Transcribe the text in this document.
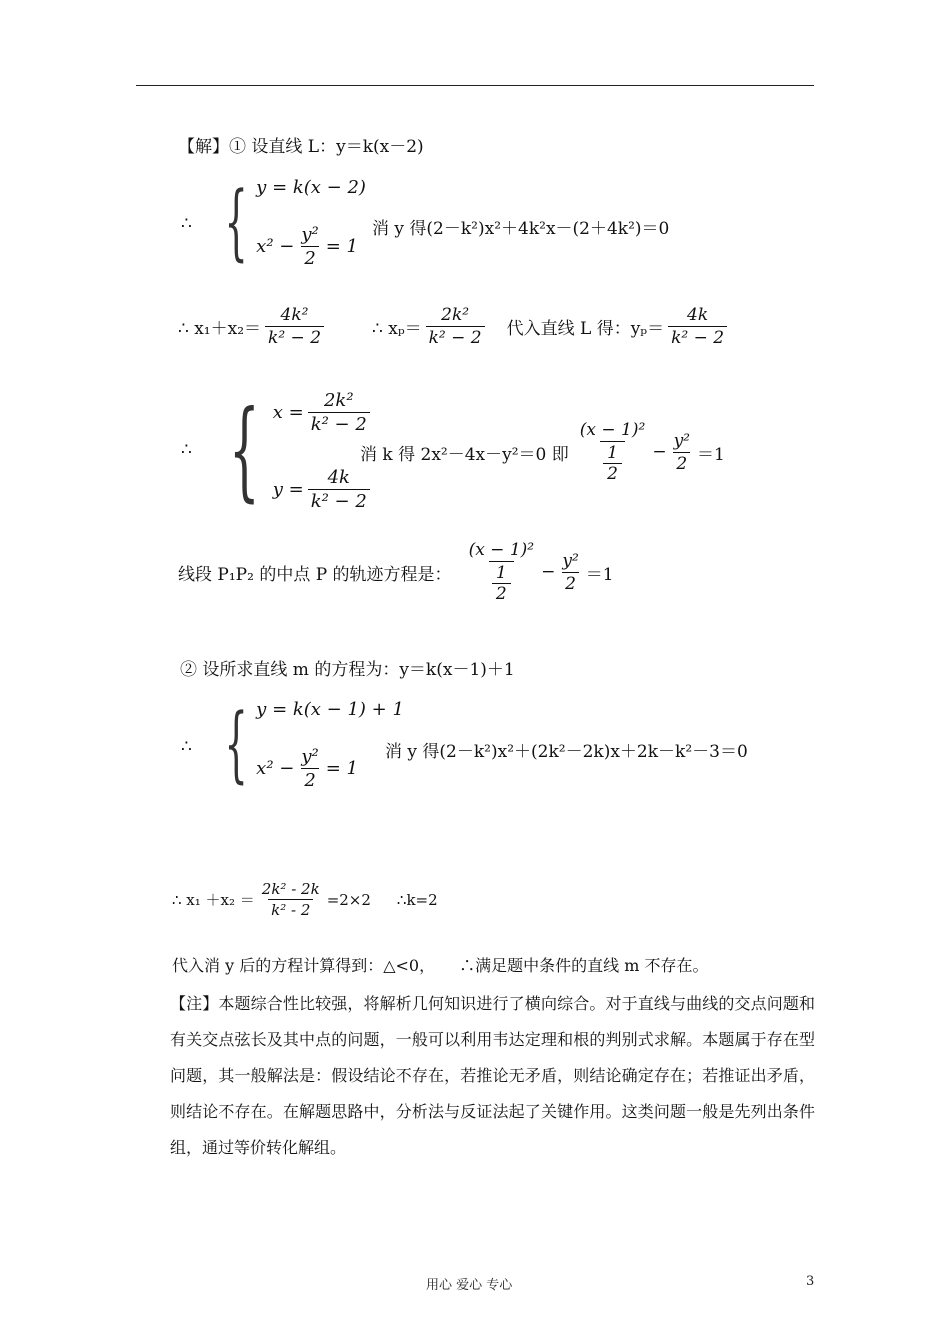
【解】① 设直线 L：y＝k(x－2)
∴ { y = k(x − 2)
$x^2 - \frac{\text{y²}}{2} = 1$
消 y 得(2－k²)x²＋4k²x－(2＋4k²)＝0
∴ $x_1+x_2= \frac{\text{4k²}}{\text{k² − 2}}$	∴ $x_p= \frac{\text{2k²}}{\text{k² − 2}}$ 代入直线 L 得：$y_p= \frac{4k}{\text{k² − 2}}$
∴ { $x = \frac{\text{2k²}}{\text{k² − 2}}$
$y = \frac{4k}{\text{k² − 2}}$
消 k 得 2x²－4x－y²＝0 即 (x − 1)²
1
$2 - \frac{\text{y²}}{2} =1$
线段 P₁P₂ 的中点 P 的轨迹方程是： (x − 1)²
1
$2 - \frac{\text{y²}}{2} =1$
② 设所求直线 m 的方程为：y＝k(x－1)＋1
∴ { y = k(x − 1) + 1
$x^2 - \frac{\text{y²}}{2} = 1$
消 y 得(2－k²)x²＋(2k²－2k)x＋2k－k²－3＝0
∴ $x_1 +x_2 = \frac{\text{2k² - 2k}}{\text{k² - 2}} =2\times 2$ ∴k=2
代入消 y 后的方程计算得到：△<0，　　∴满足题中条件的直线 m 不存在。
【注】本题综合性比较强，将解析几何知识进行了横向综合。对于直线与曲线的交点问题和有关交点弦长及其中点的问题，一般可以利用韦达定理和根的判别式求解。本题属于存在型问题，其一般解法是：假设结论不存在，若推论无矛盾，则结论确定存在；若推证出矛盾，则结论不存在。在解题思路中，分析法与反证法起了关键作用。这类问题一般是先列出条件组，通过等价转化解组。
用心 爱心 专心	3
